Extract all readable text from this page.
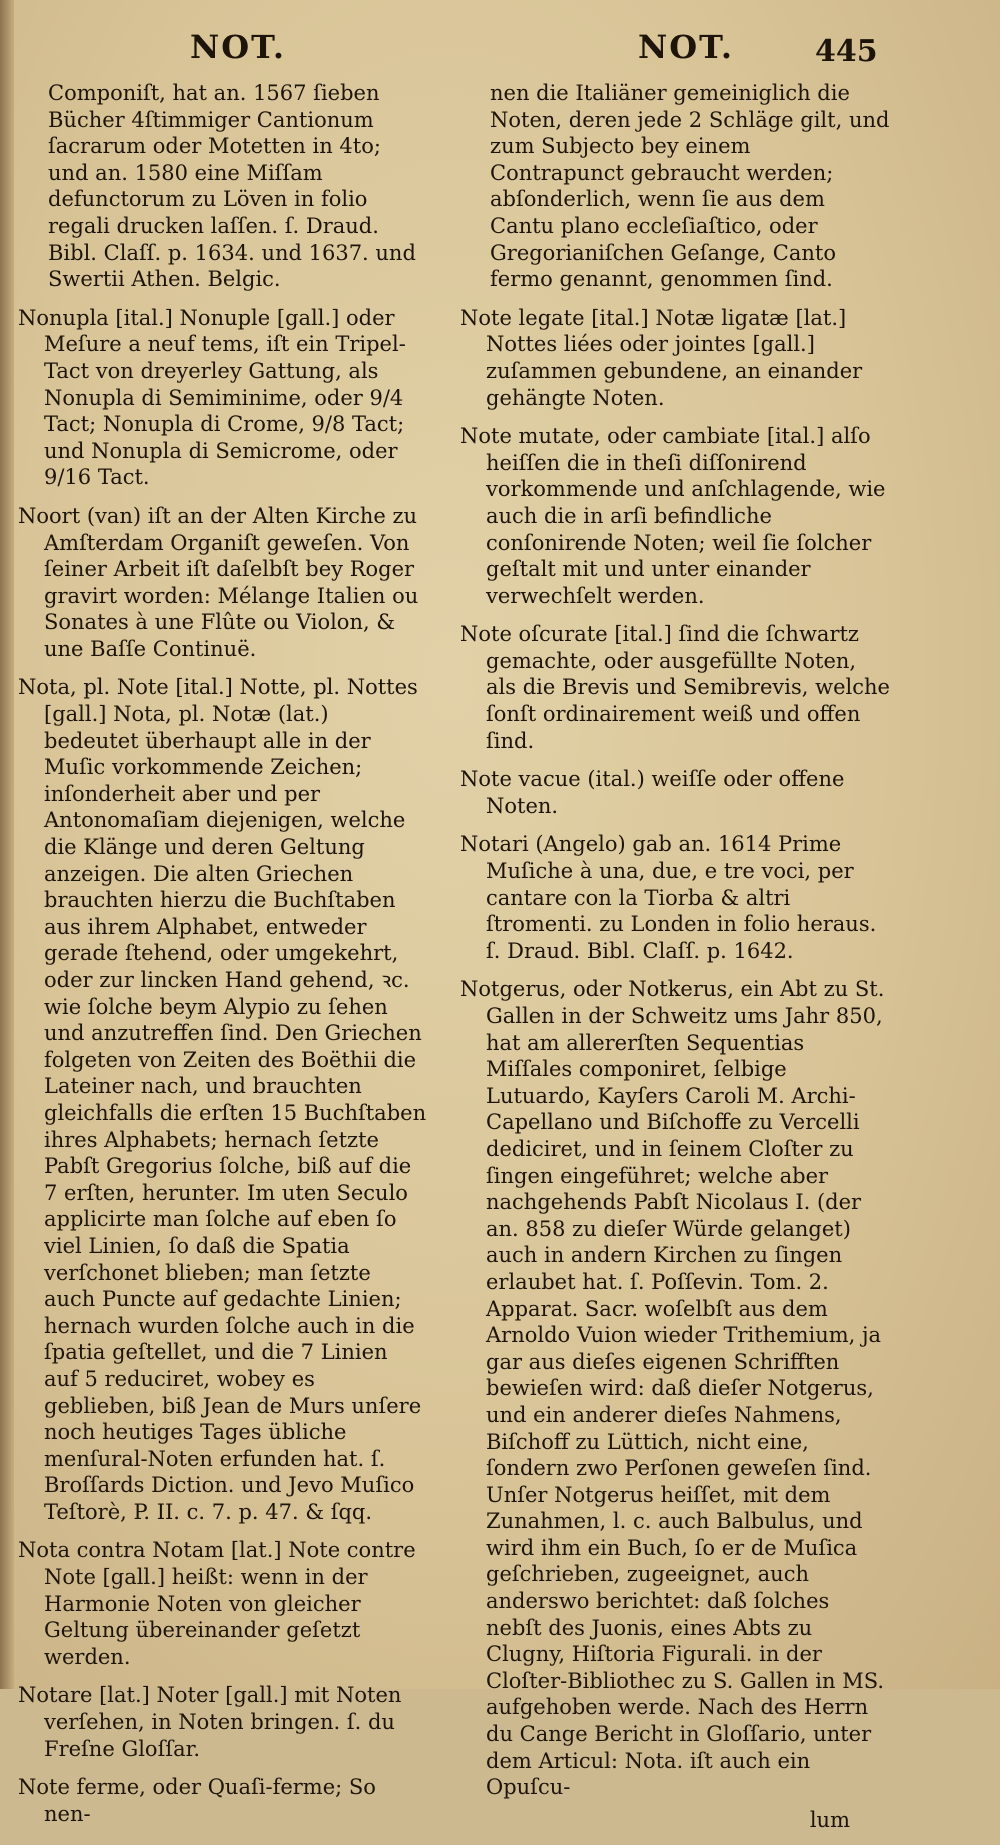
NOT.	NOT.	445

Componiſt, hat an. 1567 ſieben Bücher 4ſtimmiger Cantionum ſacrarum oder Motetten in 4to; und an. 1580 eine Miſſam defunctorum zu Löven in folio regali drucken laſſen. ſ. Draud. Bibl. Claſſ. p. 1634. und 1637. und Swertii Athen. Belgic.

Nonupla [ital.] Nonuple [gall.] oder Meſure a neuf tems, iſt ein Tripel-Tact von dreyerley Gattung, als Nonupla di Semiminime, oder 9/4 Tact; Nonupla di Crome, 9/8 Tact; und Nonupla di Semicrome, oder 9/16 Tact.

Noort (van) iſt an der Alten Kirche zu Amſterdam Organiſt geweſen. Von ſeiner Arbeit iſt daſelbſt bey Roger gravirt worden: Mélange Italien ou Sonates à une Flûte ou Violon, & une Baſſe Continuë.

Nota, pl. Note [ital.] Notte, pl. Nottes [gall.] Nota, pl. Notæ (lat.) bedeutet überhaupt alle in der Muſic vorkommende Zeichen; inſonderheit aber und per Antonomaſiam diejenigen, welche die Klänge und deren Geltung anzeigen. Die alten Griechen brauchten hierzu die Buchſtaben aus ihrem Alphabet, entweder gerade ſtehend, oder umgekehrt, oder zur lincken Hand gehend, ꝛc. wie ſolche beym Alypio zu ſehen und anzutreffen ſind. Den Griechen folgeten von Zeiten des Boëthii die Lateiner nach, und brauchten gleichfalls die erſten 15 Buchſtaben ihres Alphabets; hernach ſetzte Pabſt Gregorius ſolche, biß auf die 7 erſten, herunter. Im uten Seculo applicirte man ſolche auf eben ſo viel Linien, ſo daß die Spatia verſchonet blieben; man ſetzte auch Puncte auf gedachte Linien; hernach wurden ſolche auch in die ſpatia geſtellet, und die 7 Linien auf 5 reduciret, wobey es geblieben, biß Jean de Murs unſere noch heutiges Tages übliche menſural-Noten erfunden hat. ſ. Broſſards Diction. und Jevo Muſico Teſtorè, P. II. c. 7. p. 47. & ſqq.

Nota contra Notam [lat.] Note contre Note [gall.] heißt: wenn in der Harmonie Noten von gleicher Geltung übereinander geſetzt werden.

Notare [lat.] Noter [gall.] mit Noten verſehen, in Noten bringen. ſ. du Freſne Gloſſar.

Note ferme, oder Quaſi-ferme; So nen-

nen die Italiäner gemeiniglich die Noten, deren jede 2 Schläge gilt, und zum Subjecto bey einem Contrapunct gebraucht werden; abſonderlich, wenn ſie aus dem Cantu plano eccleſiaſtico, oder Gregorianiſchen Geſange, Canto fermo genannt, genommen ſind.

Note legate [ital.] Notæ ligatæ [lat.] Nottes liées oder jointes [gall.] zuſammen gebundene, an einander gehängte Noten.

Note mutate, oder cambiate [ital.] alſo heiſſen die in theſi diſſonirend vorkommende und anſchlagende, wie auch die in arſi befindliche conſonirende Noten; weil ſie ſolcher geſtalt mit und unter einander verwechſelt werden.

Note oſcurate [ital.] ſind die ſchwartz gemachte, oder ausgefüllte Noten, als die Brevis und Semibrevis, welche ſonſt ordinairement weiß und offen ſind.

Note vacue (ital.) weiſſe oder offene Noten.

Notari (Angelo) gab an. 1614 Prime Muſiche à una, due, e tre voci, per cantare con la Tiorba & altri ſtromenti. zu Londen in folio heraus. ſ. Draud. Bibl. Claſſ. p. 1642.

Notgerus, oder Notkerus, ein Abt zu St. Gallen in der Schweitz ums Jahr 850, hat am allererſten Sequentias Miſſales componiret, ſelbige Lutuardo, Kayſers Caroli M. Archi-Capellano und Biſchoffe zu Vercelli dediciret, und in ſeinem Cloſter zu ſingen eingeführet; welche aber nachgehends Pabſt Nicolaus I. (der an. 858 zu dieſer Würde gelanget) auch in andern Kirchen zu ſingen erlaubet hat. ſ. Poſſevin. Tom. 2. Apparat. Sacr. woſelbſt aus dem Arnoldo Vuion wieder Trithemium, ja gar aus dieſes eigenen Schrifften bewieſen wird: daß dieſer Notgerus, und ein anderer dieſes Nahmens, Biſchoff zu Lüttich, nicht eine, ſondern zwo Perſonen geweſen ſind. Unſer Notgerus heiſſet, mit dem Zunahmen, l. c. auch Balbulus, und wird ihm ein Buch, ſo er de Muſica geſchrieben, zugeeignet, auch anderswo berichtet: daß ſolches nebſt des Juonis, eines Abts zu Clugny, Hiſtoria Figurali. in der Cloſter-Bibliothec zu S. Gallen in MS. aufgehoben werde. Nach des Herrn du Cange Bericht in Gloſſario, unter dem Articul: Nota. iſt auch ein Opuſcu-

lum
